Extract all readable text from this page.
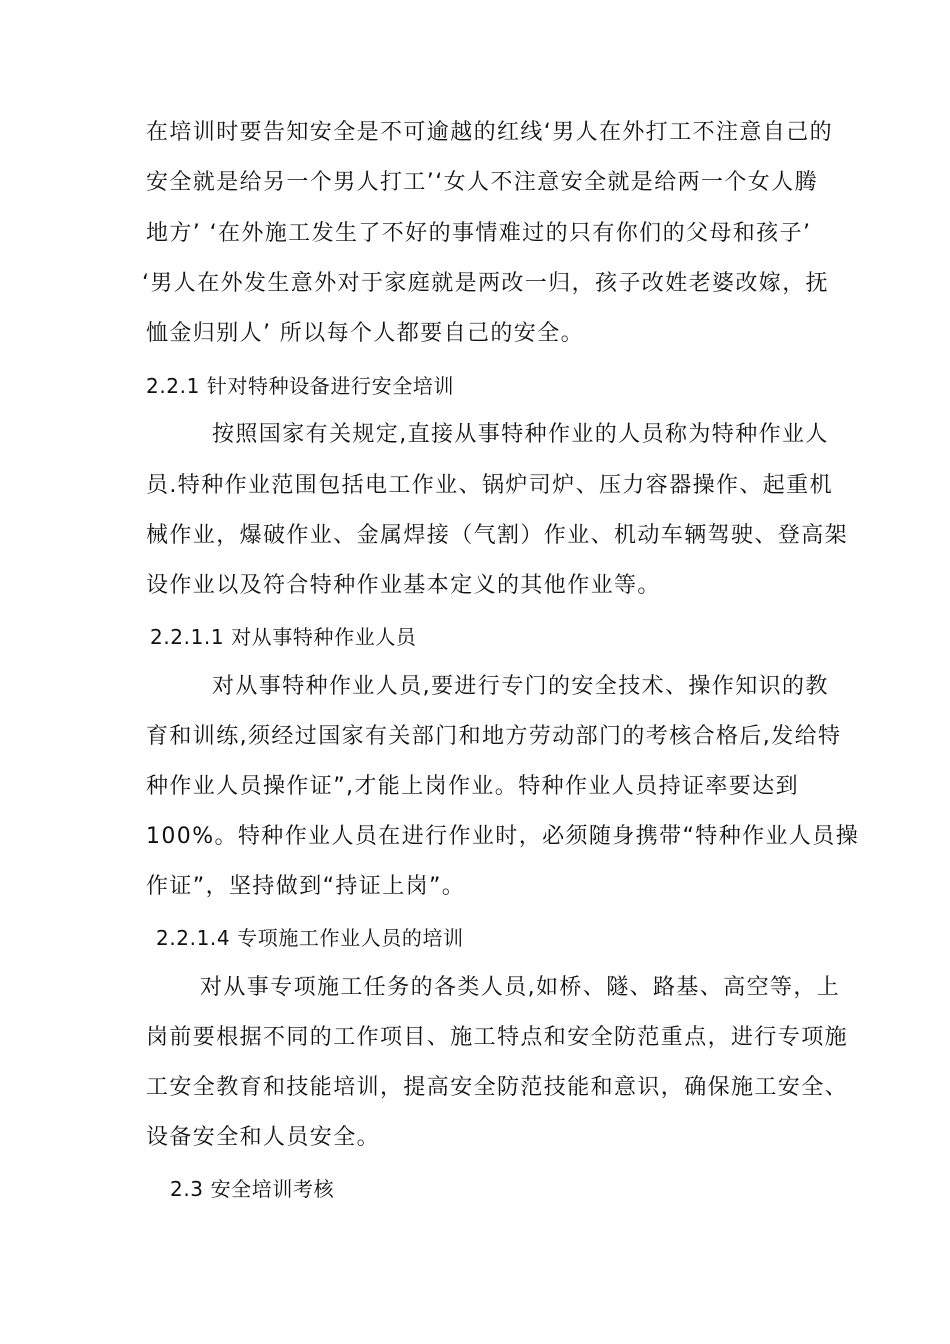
在培训时要告知安全是不可逾越的红线‘男人在外打工不注意自己的
安全就是给另一个男人打工’‘女人不注意安全就是给两一个女人腾
地方’ ‘在外施工发生了不好的事情难过的只有你们的父母和孩子’
‘男人在外发生意外对于家庭就是两改一归，孩子改姓老婆改嫁，抚
恤金归别人’ 所以每个人都要自己的安全。
2.2.1 针对特种设备进行安全培训
按照国家有关规定,直接从事特种作业的人员称为特种作业人
员.特种作业范围包括电工作业、锅炉司炉、压力容器操作、起重机
械作业，爆破作业、金属焊接（气割）作业、机动车辆驾驶、登高架
设作业以及符合特种作业基本定义的其他作业等。
2.2.1.1 对从事特种作业人员
对从事特种作业人员,要进行专门的安全技术、操作知识的教
育和训练,须经过国家有关部门和地方劳动部门的考核合格后,发给特
种作业人员操作证”,才能上岗作业。特种作业人员持证率要达到
100%。特种作业人员在进行作业时，必须随身携带“特种作业人员操
作证”，坚持做到“持证上岗”。
2.2.1.4 专项施工作业人员的培训
对从事专项施工任务的各类人员,如桥、隧、路基、高空等，上
岗前要根据不同的工作项目、施工特点和安全防范重点，进行专项施
工安全教育和技能培训，提高安全防范技能和意识，确保施工安全、
设备安全和人员安全。
2.3 安全培训考核
